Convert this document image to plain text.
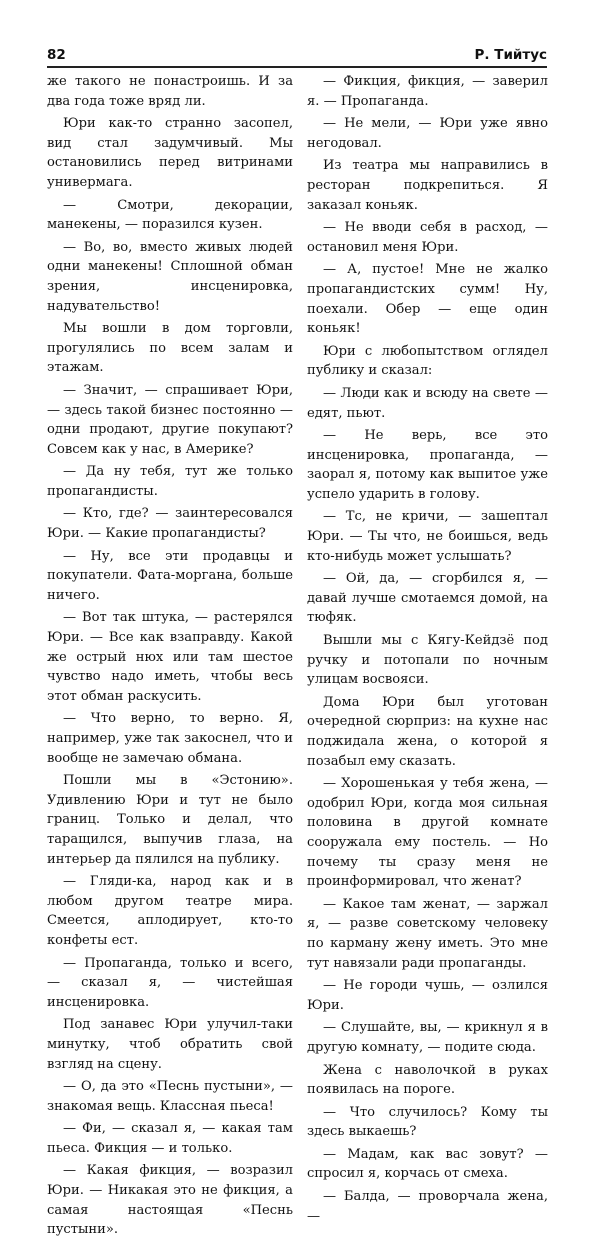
82	Р. Тийтус

же такого не понастроишь. И за два года тоже вряд ли.

Юри как-то странно засопел, вид стал задумчивый. Мы остановились перед витринами универмага.

— Смотри, декорации, манекены, — поразился кузен.

— Во, во, вместо живых людей одни манекены! Сплошной обман зрения, инсценировка, надувательство!

Мы вошли в дом торговли, прогулялись по всем залам и этажам.

— Значит, — спрашивает Юри, — здесь такой бизнес постоянно — одни продают, другие покупают? Совсем как у нас, в Америке?

— Да ну тебя, тут же только пропагандисты.

— Кто, где? — заинтересовался Юри. — Какие пропагандисты?

— Ну, все эти продавцы и покупатели. Фата-моргана, больше ничего.

— Вот так штука, — растерялся Юри. — Все как взаправду. Какой же острый нюх или там шестое чувство надо иметь, чтобы весь этот обман раскусить.

— Что верно, то верно. Я, например, уже так закоснел, что и вообще не замечаю обмана.

Пошли мы в «Эстонию». Удивлению Юри и тут не было границ. Только и делал, что таращился, выпучив глаза, на интерьер да пялился на публику.

— Гляди-ка, народ как и в любом другом театре мира. Смеется, аплодирует, кто-то конфеты ест.

— Пропаганда, только и всего, — сказал я, — чистейшая инсценировка.

Под занавес Юри улучил-таки минутку, чтоб обратить свой взгляд на сцену.

— О, да это «Песнь пустыни», — знакомая вещь. Классная пьеса!

— Фи, — сказал я, — какая там пьеса. Фикция — и только.

— Какая фикция, — возразил Юри. — Никакая это не фикция, а самая настоящая «Песнь пустыни».

— Фикция, фикция, — заверил я. — Пропаганда.

— Не мели, — Юри уже явно негодовал.

Из театра мы направились в ресторан подкрепиться. Я заказал коньяк.

— Не вводи себя в расход, — остановил меня Юри.

— А, пустое! Мне не жалко пропагандистских сумм! Ну, поехали. Обер — еще один коньяк!

Юри с любопытством оглядел публику и сказал:

— Люди как и всюду на свете — едят, пьют.

— Не верь, все это инсценировка, пропаганда, — заорал я, потому как выпитое уже успело ударить в голову.

— Тс, не кричи, — зашептал Юри. — Ты что, не боишься, ведь кто-нибудь может услышать?

— Ой, да, — сгорбился я, — давай лучше смотаемся домой, на тюфяк.

Вышли мы с Кягу-Кейдзё под ручку и потопали по ночным улицам восвояси.

Дома Юри был уготован очередной сюрприз: на кухне нас поджидала жена, о которой я позабыл ему сказать.

— Хорошенькая у тебя жена, — одобрил Юри, когда моя сильная половина в другой комнате сооружала ему постель. — Но почему ты сразу меня не проинформировал, что женат?

— Какое там женат, — заржал я, — разве советскому человеку по карману жену иметь. Это мне тут навязали ради пропаганды.

— Не городи чушь, — озлился Юри.

— Слушайте, вы, — крикнул я в другую комнату, — подите сюда.

Жена с наволочкой в руках появилась на пороге.

— Что случилось? Кому ты здесь выкаешь?

— Мадам, как вас зовут? — спросил я, корчась от смеха.

— Балда, — проворчала жена, —
